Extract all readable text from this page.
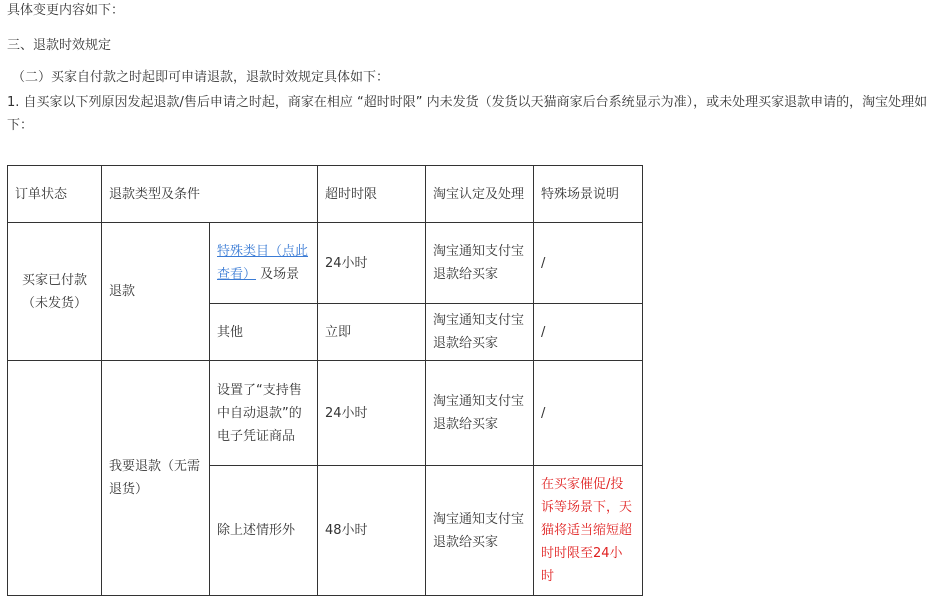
具体变更内容如下：

三、退款时效规定

（二）买家自付款之时起即可申请退款，退款时效规定具体如下：

1. 自买家以下列原因发起退款/售后申请之时起，商家在相应 “超时时限” 内未发货（发货以天猫商家后台系统显示为准），或未处理买家退款申请的，淘宝处理如下：

订单状态	退款类型及条件		超时时限	淘宝认定及处理	特殊场景说明
买家已付款（未发货）	退款	特殊类目（点此查看） 及场景	24小时	淘宝通知支付宝退款给买家	/
		其他	立即	淘宝通知支付宝退款给买家	/
	我要退款（无需退货）	设置了“支持售中自动退款”的电子凭证商品	24小时	淘宝通知支付宝退款给买家	/
		除上述情形外	48小时	淘宝通知支付宝退款给买家	在买家催促/投诉等场景下，天猫将适当缩短超时时限至24小时
